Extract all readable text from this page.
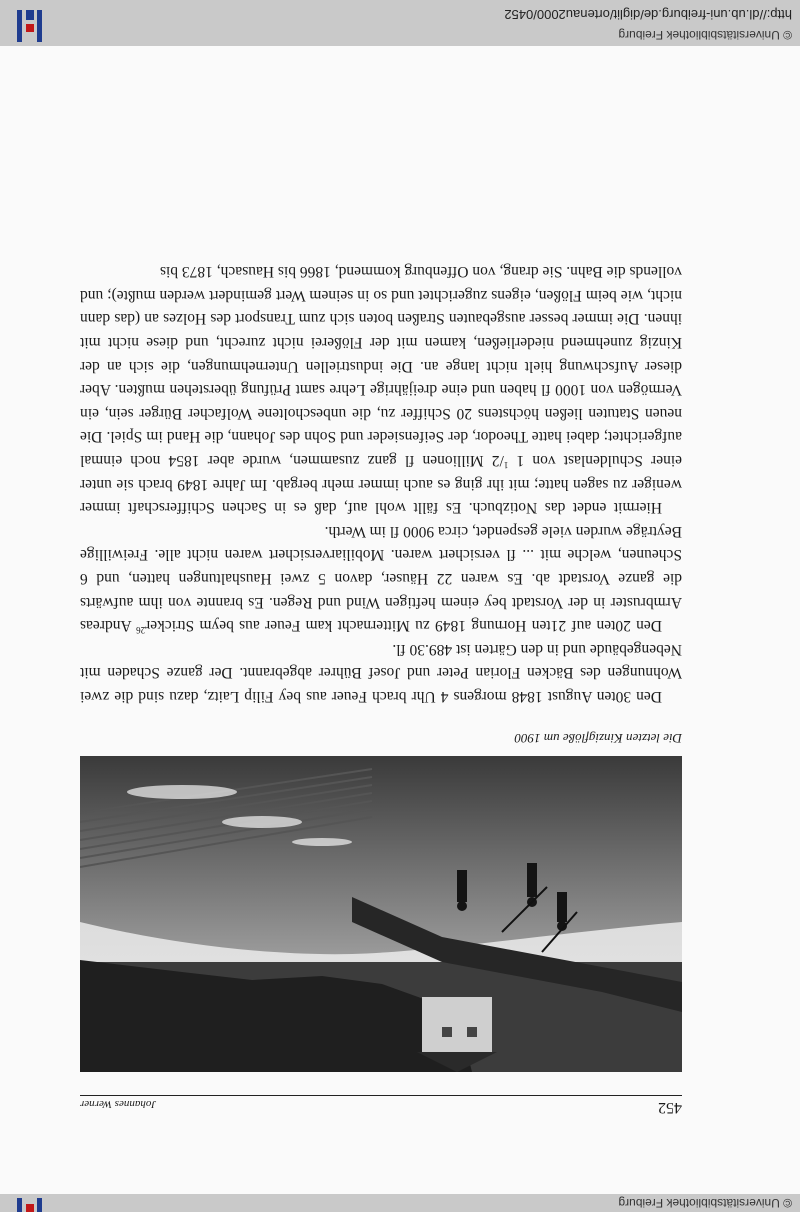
© Universitätsbibliothek Freiburg
452
Johannes Werner
Die letzten Kinzigflöße um 1900

Den 30ten August 1848 morgens 4 Uhr brach Feuer aus bey Filip Laitz, dazu sind die zwei Wohnungen des Bäcken Florian Peter und Josef Bührer abgebrannt. Der ganze Schaden mit Nebengebäude und in den Gärten ist 489.30 fl.

Den 20ten auf 21ten Hornung 1849 zu Mitternacht kam Feuer aus beym Stricker$^{26}$ Andreas Armbruster in der Vorstadt bey einem heftigen Wind und Regen. Es brannte von ihm aufwärts die ganze Vorstadt ab. Es waren 22 Häuser, davon 5 zwei Haushaltungen hatten, und 6 Scheunen, welche mit ... fl versichert waren. Mobiliarversichert waren nicht alle. Freiwillige Beyträge wurden viele gespendet, circa 9000 fl im Werth.

Hiermit endet das Notizbuch. Es fällt wohl auf, daß es in Sachen Schifferschaft immer weniger zu sagen hatte; mit ihr ging es auch immer mehr bergab. Im Jahre 1849 brach sie unter einer Schuldenlast von 1 $^1$/2 Millionen fl ganz zusammen, wurde aber 1854 noch einmal aufgerichtet; dabei hatte Theodor, der Seifensieder und Sohn des Johann, die Hand im Spiel. Die neuen Statuten ließen höchstens 20 Schiffer zu, die unbescholtene Wolfacher Bürger sein, ein Vermögen von 1000 fl haben und eine dreijährige Lehre samt Prüfung überstehen mußten. Aber dieser Aufschwung hielt nicht lange an. Die industriellen Unternehmungen, die sich an der Kinzig zunehmend niederließen, kamen mit der Flößerei nicht zurecht, und diese nicht mit ihnen. Die immer besser ausgebauten Straßen boten sich zum Transport des Holzes an (das dann nicht, wie beim Flößen, eigens zugerichtet und so in seinem Wert gemindert werden mußte); und vollends die Bahn. Sie drang, von Offenburg kommend, 1866 bis Hausach, 1873 bis

© Universitätsbibliothek Freiburg
http://dl.ub.uni-freiburg.de/diglit/ortenau2000/0452
